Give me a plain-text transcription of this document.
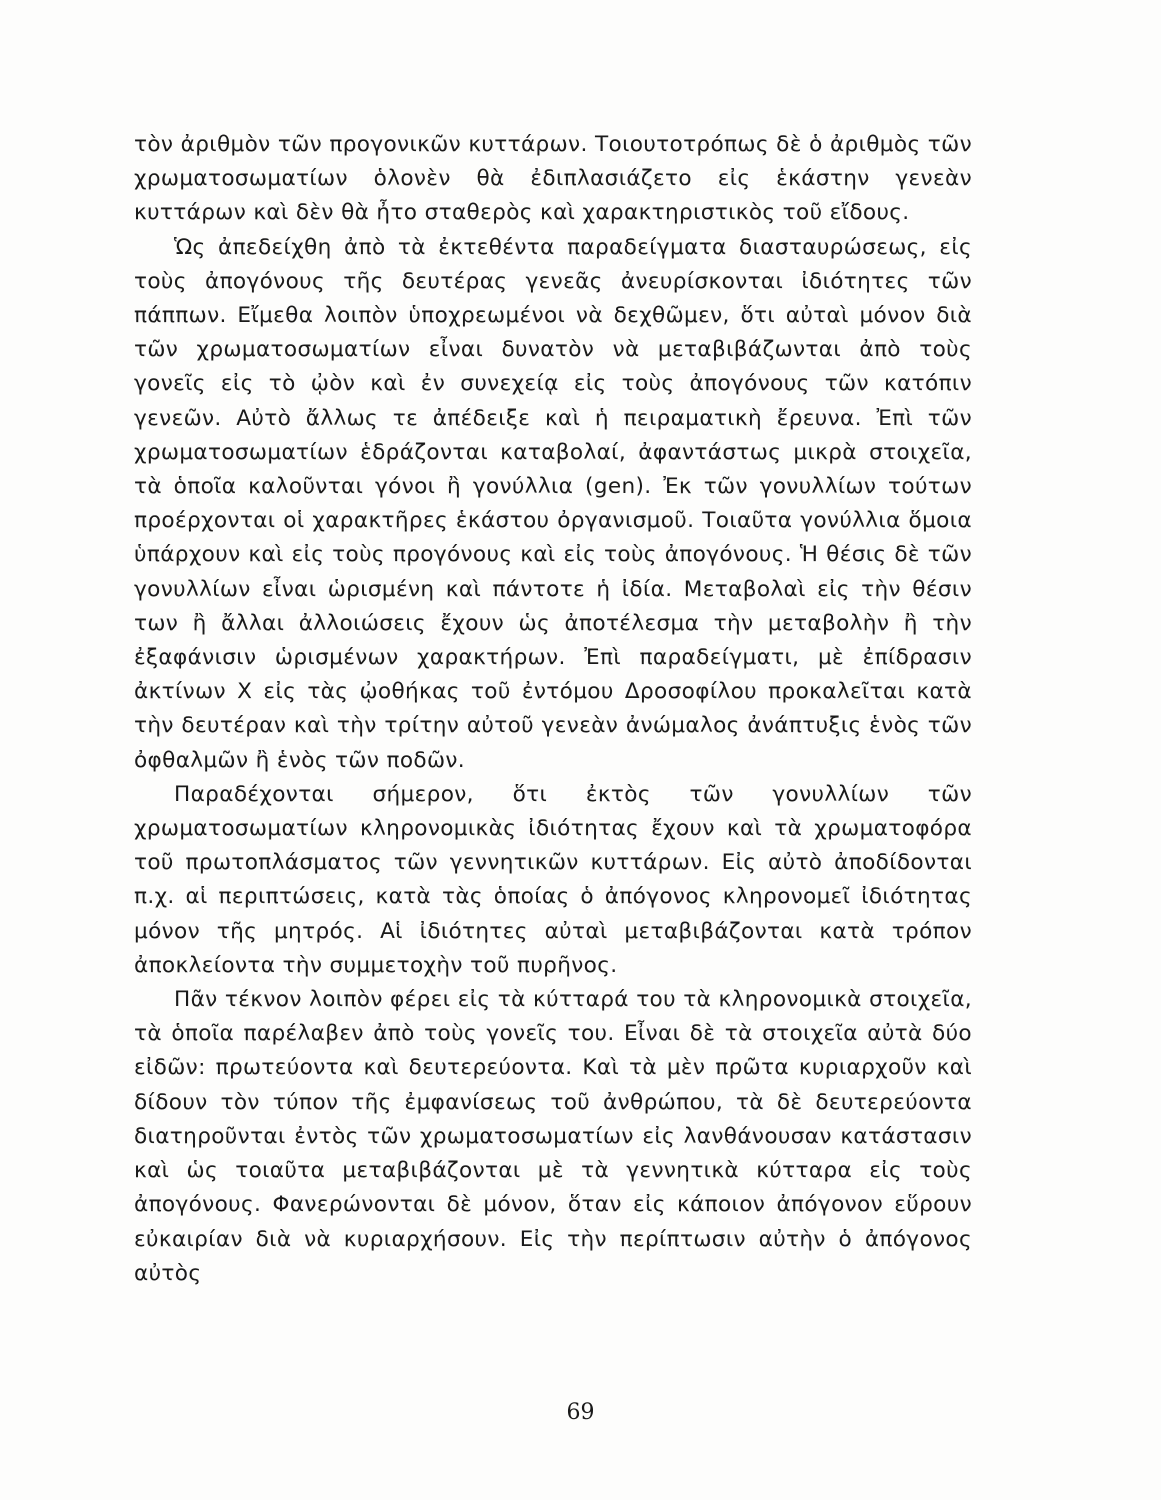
τὸν ἀριθμὸν τῶν προγονικῶν κυττάρων. Τοιουτοτρόπως δὲ ὁ ἀριθμὸς τῶν χρωματοσωματίων ὁλονὲν θὰ ἐδιπλασιάζετο εἰς ἑκάστην γενεὰν κυττάρων καὶ δὲν θὰ ἦτο σταθερὸς καὶ χαρακτηριστικὸς τοῦ εἴδους.

Ὡς ἀπεδείχθη ἀπὸ τὰ ἐκτεθέντα παραδείγματα διασταυρώσεως, εἰς τοὺς ἀπογόνους τῆς δευτέρας γενεᾶς ἀνευρίσκονται ἰδιότητες τῶν πάππων. Εἴμεθα λοιπὸν ὑποχρεωμένοι νὰ δεχθῶμεν, ὅτι αὐταὶ μόνον διὰ τῶν χρωματοσωματίων εἶναι δυνατὸν νὰ μεταβιβάζωνται ἀπὸ τοὺς γονεῖς εἰς τὸ ᾠὸν καὶ ἐν συνεχείᾳ εἰς τοὺς ἀπογόνους τῶν κατόπιν γενεῶν. Αὐτὸ ἄλλως τε ἀπέδειξε καὶ ἡ πειραματικὴ ἔρευνα. Ἐπὶ τῶν χρωματοσωματίων ἑδράζονται καταβολαί, ἀφαντάστως μικρὰ στοιχεῖα, τὰ ὁποῖα καλοῦνται γόνοι ἢ γονύλλια (gen). Ἐκ τῶν γονυλλίων τούτων προέρχονται οἱ χαρακτῆρες ἑκάστου ὀργανισμοῦ. Τοιαῦτα γονύλλια ὅμοια ὑπάρχουν καὶ εἰς τοὺς προγόνους καὶ εἰς τοὺς ἀπογόνους. Ἡ θέσις δὲ τῶν γονυλλίων εἶναι ὡρισμένη καὶ πάντοτε ἡ ἰδία. Μεταβολαὶ εἰς τὴν θέσιν των ἢ ἄλλαι ἀλλοιώσεις ἔχουν ὡς ἀποτέλεσμα τὴν μεταβολὴν ἢ τὴν ἐξαφάνισιν ὡρισμένων χαρακτήρων. Ἐπὶ παραδείγματι, μὲ ἐπίδρασιν ἀκτίνων Χ εἰς τὰς ᾠοθήκας τοῦ ἐντόμου Δροσοφίλου προκαλεῖται κατὰ τὴν δευτέραν καὶ τὴν τρίτην αὐτοῦ γενεὰν ἀνώμαλος ἀνάπτυξις ἑνὸς τῶν ὀφθαλμῶν ἢ ἑνὸς τῶν ποδῶν.

Παραδέχονται σήμερον, ὅτι ἐκτὸς τῶν γονυλλίων τῶν χρωματοσωματίων κληρονομικὰς ἰδιότητας ἔχουν καὶ τὰ χρωματοφόρα τοῦ πρωτοπλάσματος τῶν γεννητικῶν κυττάρων. Εἰς αὐτὸ ἀποδίδονται π.χ. αἱ περιπτώσεις, κατὰ τὰς ὁποίας ὁ ἀπόγονος κληρονομεῖ ἰδιότητας μόνον τῆς μητρός. Αἱ ἰδιότητες αὐταὶ μεταβιβάζονται κατὰ τρόπον ἀποκλείοντα τὴν συμμετοχὴν τοῦ πυρῆνος.

Πᾶν τέκνον λοιπὸν φέρει εἰς τὰ κύτταρά του τὰ κληρονομικὰ στοιχεῖα, τὰ ὁποῖα παρέλαβεν ἀπὸ τοὺς γονεῖς του. Εἶναι δὲ τὰ στοιχεῖα αὐτὰ δύο εἰδῶν: πρωτεύοντα καὶ δευτερεύοντα. Καὶ τὰ μὲν πρῶτα κυριαρχοῦν καὶ δίδουν τὸν τύπον τῆς ἐμφανίσεως τοῦ ἀνθρώπου, τὰ δὲ δευτερεύοντα διατηροῦνται ἐντὸς τῶν χρωματοσωματίων εἰς λανθάνουσαν κατάστασιν καὶ ὡς τοιαῦτα μεταβιβάζονται μὲ τὰ γεννητικὰ κύτταρα εἰς τοὺς ἀπογόνους. Φανερώνονται δὲ μόνον, ὅταν εἰς κάποιον ἀπόγονον εὕρουν εὐκαιρίαν διὰ νὰ κυριαρχήσουν. Εἰς τὴν περίπτωσιν αὐτὴν ὁ ἀπόγονος αὐτὸς

69
